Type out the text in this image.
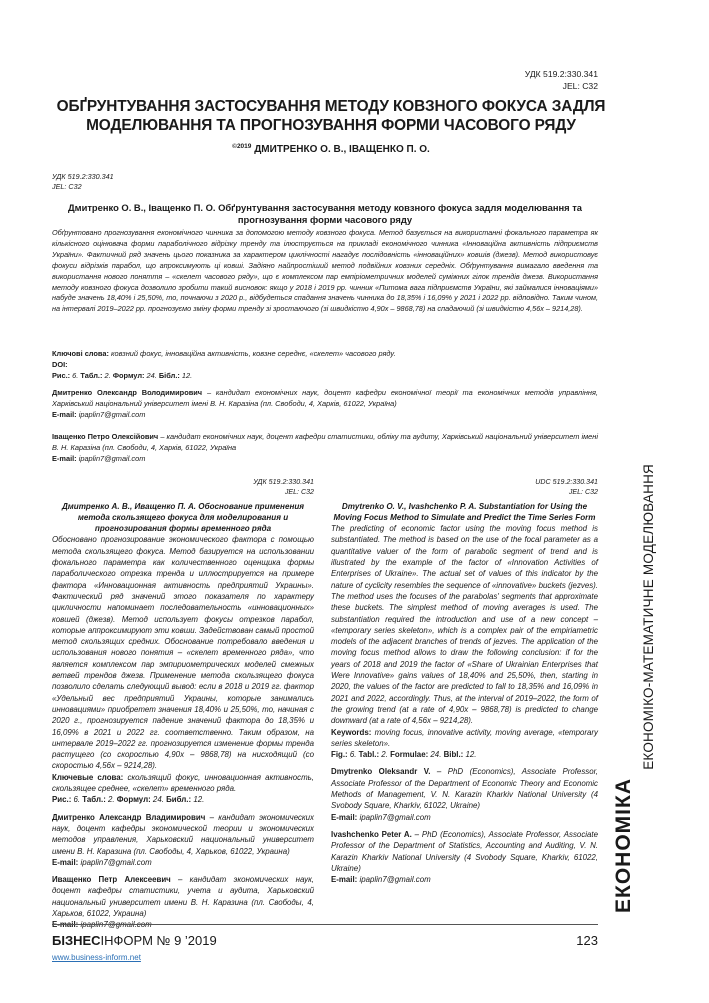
УДК 519.2:330.341
JEL: C32
ОБҐРУНТУВАННЯ ЗАСТОСУВАННЯ МЕТОДУ КОВЗНОГО ФОКУСА ЗАДЛЯ МОДЕЛЮВАННЯ ТА ПРОГНОЗУВАННЯ ФОРМИ ЧАСОВОГО РЯДУ
$^{©2019}$ ДМИТРЕНКО О. В., ІВАЩЕНКО П. О.
УДК 519.2:330.341
JEL: C32
Дмитренко О. В., Іващенко П. О. Обґрунтування застосування методу ковзного фокуса задля моделювання та прогнозування форми часового ряду

Обґрунтовано прогнозування економічного чинника за допомогою методу ковзного фокуса. Метод базується на використанні фокального параметра як кількісного оцінювача форми параболічного відрізку тренду та ілюструється на прикладі економічного чинника «Інноваційна активність підприємств України». Фактичний ряд значень цього показника за характером циклічності нагадує послідовність «інноваційних» ковшів (джезв). Метод використовує фокуси відрізків парабол, що апроксимують ці ковші. Задіяно найпростіший метод подвійних ковзних середніх. Обґрунтування вимагало введення та використання нового поняття – «скелет часового ряду», що є комплексом пар емпіріометричних моделей суміжних гілок трендів джезв. Використання методу ковзного фокуса дозволило зробити такий висновок: якщо у 2018 і 2019 рр. чинник «Питома вага підприємств України, які займалися інноваціями» набуде значень 18,40% і 25,50%, то, почнаючи з 2020 р., відбудеться спадання значень чинника до 18,35% і 16,09% у 2021 і 2022 рр. відповідно. Таким чином, на інтервалі 2019–2022 рр. прогнозуємо зміну форми тренду зі зростаючого (зі швидкістю 4,90х – 9868,78) на спадаючий (зі швидкістю 4,56х – 9214,28).

Ключові слова: ковзний фокус, інноваційна активність, ковзне середнє, «скелет» часового ряду.

DOI:

Рис.: 6. Табл.: 2. Формул: 24. Бібл.: 12.

Дмитренко Олександр Володимирович – кандидат економічних наук, доцент кафедри економічної теорії та економічних методів управління, Харківський національний університет імені В. Н. Каразіна (пл. Свободи, 4, Харків, 61022, Україна)
E-mail: ipaplin7@gmail.com

Іващенко Петро Олексійович – кандидат економічних наук, доцент кафедри статистики, обліку та аудиту, Харківський національний університет імені В. Н. Каразіна (пл. Свободи, 4, Харків, 61022, Україна
E-mail: ipaplin7@gmail.com

УДК 519.2:330.341
JEL: C32
Дмитренко А. В., Иващенко П. А. Обоснование применения метода скользящего фокуса для моделирования и прогнозирования формы временного ряда

Обосновано прогнозирование экономического фактора с помощью метода скользящего фокуса. Метод базируется на использовании фокального параметра как количественного оценщика формы параболического отрезка тренда и иллюстрируется на примере фактора «Инновационная активность предприятий Украины». Фактический ряд значений этого показателя по характеру цикличности напоминает последовательность «инновационных» ковшей (джезв). Метод использует фокусы отрезков парабол, которые аппроксимируют эти ковши. Задействован самый простой метод скользящих средних. Обоснование потребовало введения и использования нового понятия – «скелет временного ряда», что является комплексом пар эмпириометрических моделей смежных ветвей трендов джезв. Применение метода скользящего фокуса позволило сделать следующий вывод: если в 2018 и 2019 гг. фактор «Удельный вес предприятий Украины, которые занимались инновациями» приобретет значения 18,40% и 25,50%, то, начиная с 2020 г., прогнозируется падение значений фактора до 18,35% и 16,09% в 2021 и 2022 гг. соответственно. Таким образом, на интервале 2019–2022 гг. прогнозируется изменение формы тренда растущего (со скоростью 4,90х – 9868,78) на нисходящий (со скоростью 4,56х – 9214,28).

Ключевые слова: скользящий фокус, инновационная активность, скользящее среднее, «скелет» временного ряда.

Рис.: 6. Табл.: 2. Формул: 24. Библ.: 12.

Дмитренко Александр Владимирович – кандидат экономических наук, доцент кафедры экономической теории и экономических методов управления, Харьковский национальный университет имени В. Н. Каразина (пл. Свободы, 4, Харьков, 61022, Украина)
E-mail: ipaplin7@gmail.com

Иващенко Петр Алексеевич – кандидат экономических наук, доцент кафедры статистики, учета и аудита, Харьковский национальный университет имени В. Н. Каразина (пл. Свободы, 4, Харьков, 61022, Украина)
E-mail: ipaplin7@gmail.com

UDC 519.2:330.341
JEL: C32
Dmytrenko O. V., Ivashchenko P. A. Substantiation for Using the Moving Focus Method to Simulate and Predict the Time Series Form

The predicting of economic factor using the moving focus method is substantiated. The method is based on the use of the focal parameter as a quantitative valuer of the form of parabolic segment of trend and is illustrated by the example of the factor of «Innovation Activities of Enterprises of Ukraine». The actual set of values of this indicator by the nature of cyclicity resembles the sequence of «innovative» buckets (jezves). The method uses the focuses of the parabolas' segments that approximate these buckets. The simplest method of moving averages is used. The substantiation required the introduction and use of a new concept – «temporary series skeleton», which is a complex pair of the empiriametric models of the adjacent branches of trends of jezves. The application of the moving focus method allows to draw the following conclusion: if for the years of 2018 and 2019 the factor of «Share of Ukrainian Enterprises that Were Innovative» gains values of 18,40% and 25,50%, then, starting in 2020, the values of the factor are predicted to fall to 18,35% and 16,09% in 2021 and 2022, accordingly. Thus, at the interval of 2019–2022, the form of the growing trend (at a rate of 4,90x – 9868,78) is predicted to change downward (at a rate of 4,56x – 9214,28).

Keywords: moving focus, innovative activity, moving average, «temporary series skeleton».

Fig.: 6. Tabl.: 2. Formulae: 24. Bibl.: 12.

Dmytrenko Oleksandr V. – PhD (Economics), Associate Professor, Associate Professor of the Department of Economic Theory and Economic Methods of Management, V. N. Karazin Kharkiv National University (4 Svobody Square, Kharkiv, 61022, Ukraine)
E-mail: ipaplin7@gmail.com

Ivashchenko Peter A. – PhD (Economics), Associate Professor, Associate Professor of the Department of Statistics, Accounting and Auditing, V. N. Karazin Kharkiv National University (4 Svobody Square, Kharkiv, 61022, Ukraine)
E-mail: ipaplin7@gmail.com	ЕКОНОМІКА
ЕКОНОМІКО-МАТЕМАТИЧНЕ МОДЕЛЮВАННЯ
БІЗНЕСІНФОРМ № 9 ’2019	123
www.business-inform.net
